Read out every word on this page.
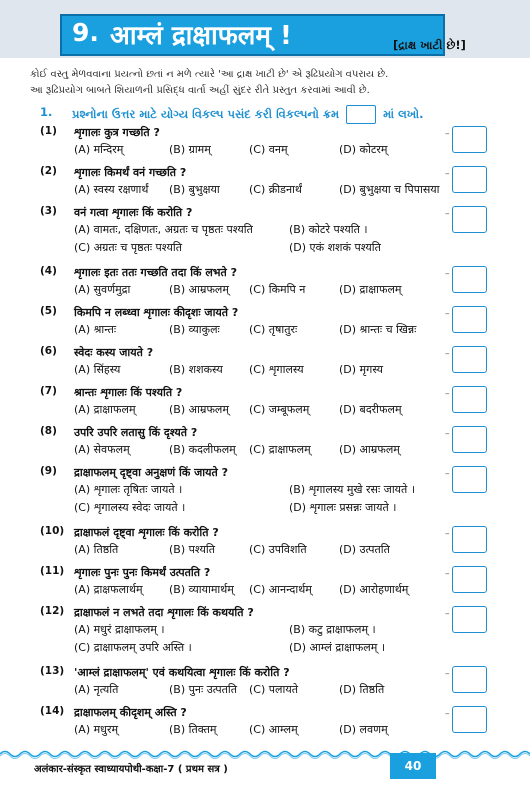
9. आम्लं द्राक्षाफलम् !	[દ્રાક્ષ ખાટી છે!]

કોઈ વસ્તુ મેળવવાના પ્રયત્નો છતાં ન મળે ત્યારે 'આ દ્રાક્ષ ખાટી છે' એ રૂઢિપ્રયોગ વપરાય છે.

આ રૂઢિપ્રયોગ બાબતે શિયાળની પ્રસિદ્ધ વાર્તા અહીં સુંદર રીતે પ્રસ્તુત કરવામાં આવી છે.

1. પ્રશ્નોના ઉત્તર માટે યોગ્ય વિકલ્પ પસંદ કરી વિકલ્પનો ક્રમ	માં લખો.
(1) शृगालः कुत्र गच्छति ?
(A) मन्दिरम्	(B) ग्रामम्	(C) वनम्	(D) कोटरम्
–
(2) शृगालः किमर्थं वनं गच्छति ?
(A) स्वस्य रक्षणार्थं (B) बुभुक्षया	(C) क्रीडनार्थं	(D) बुभुक्षया च पिपासया
–
(3) वनं गत्वा शृगालः किं करोति ?
(A) वामतः, दक्षिणतः, अग्रतः च पृष्ठतः पश्यति	(B) कोटरे पश्यति ।
(C) अग्रतः च पृष्ठतः पश्यति	(D) एकं शशकं पश्यति
–
(4) शृगालः इतः ततः गच्छति तदा किं लभते ?
(A) सुवर्णमुद्रा	(B) आम्रफलम् (C) किमपि न	(D) द्राक्षाफलम्
–
(5) किमपि न लब्ध्वा शृगालः कीदृशः जायते ?
(A) श्रान्तः	(B) व्याकुलः	(C) तृषातुरः	(D) श्रान्तः च खिन्नः
–
(6) स्वेदः कस्य जायते ?
(A) सिंहस्य	(B) शशकस्य (C) शृगालस्य	(D) मृगस्य
–
(7) श्रान्तः शृगालः किं पश्यति ?
(A) द्राक्षाफलम्	(B) आम्रफलम् (C) जम्बूफलम्	(D) बदरीफलम्
–
(8) उपरि उपरि लतासु किं दृश्यते ?
(A) सेवफलम्	(B) कदलीफलम् (C) द्राक्षाफलम्	(D) आम्रफलम्
–
(9) द्राक्षाफलम् दृष्ट्वा अनुक्षणं किं जायते ?
(A) शृगालः तृषितः जायते ।	(B) शृगालस्य मुखे रसः जायते ।
(C) शृगालस्य स्वेदः जायते ।	(D) शृगालः प्रसन्नः जायते ।
–
(10) द्राक्षाफलं दृष्ट्वा शृगालः किं करोति ?
(A) तिष्ठति	(B) पश्यति	(C) उपविशति	(D) उत्पतति
–
(11) शृगालः पुनः पुनः किमर्थं उत्पतति ?
(A) द्राक्षफलार्थम् (B) व्यायामार्थम् (C) आनन्दार्थम् (D) आरोहणार्थम्
–
(12) द्राक्षाफलं न लभते तदा शृगालः किं कथयति ?
(A) मधुरं द्राक्षाफलम् ।	(B) कटु द्राक्षाफलम् ।
(C) द्राक्षाफलम् उपरि अस्ति ।	(D) आम्लं द्राक्षाफलम् ।
–
(13) 'आम्लं द्राक्षाफलम्' एवं कथयित्वा शृगालः किं करोति ?
(A) नृत्यति	(B) पुनः उत्पतति (C) पलायते	(D) तिष्ठति
–
(14) द्राक्षाफलम् कीदृशम् अस्ति ?
(A) मधुरम्	(B) तिक्तम्	(C) आम्लम्	(D) लवणम्
–
अलंकार-संस्कृत स्वाध्यायपोथी-कक्षा-7 ( प्रथम सत्र )	40
